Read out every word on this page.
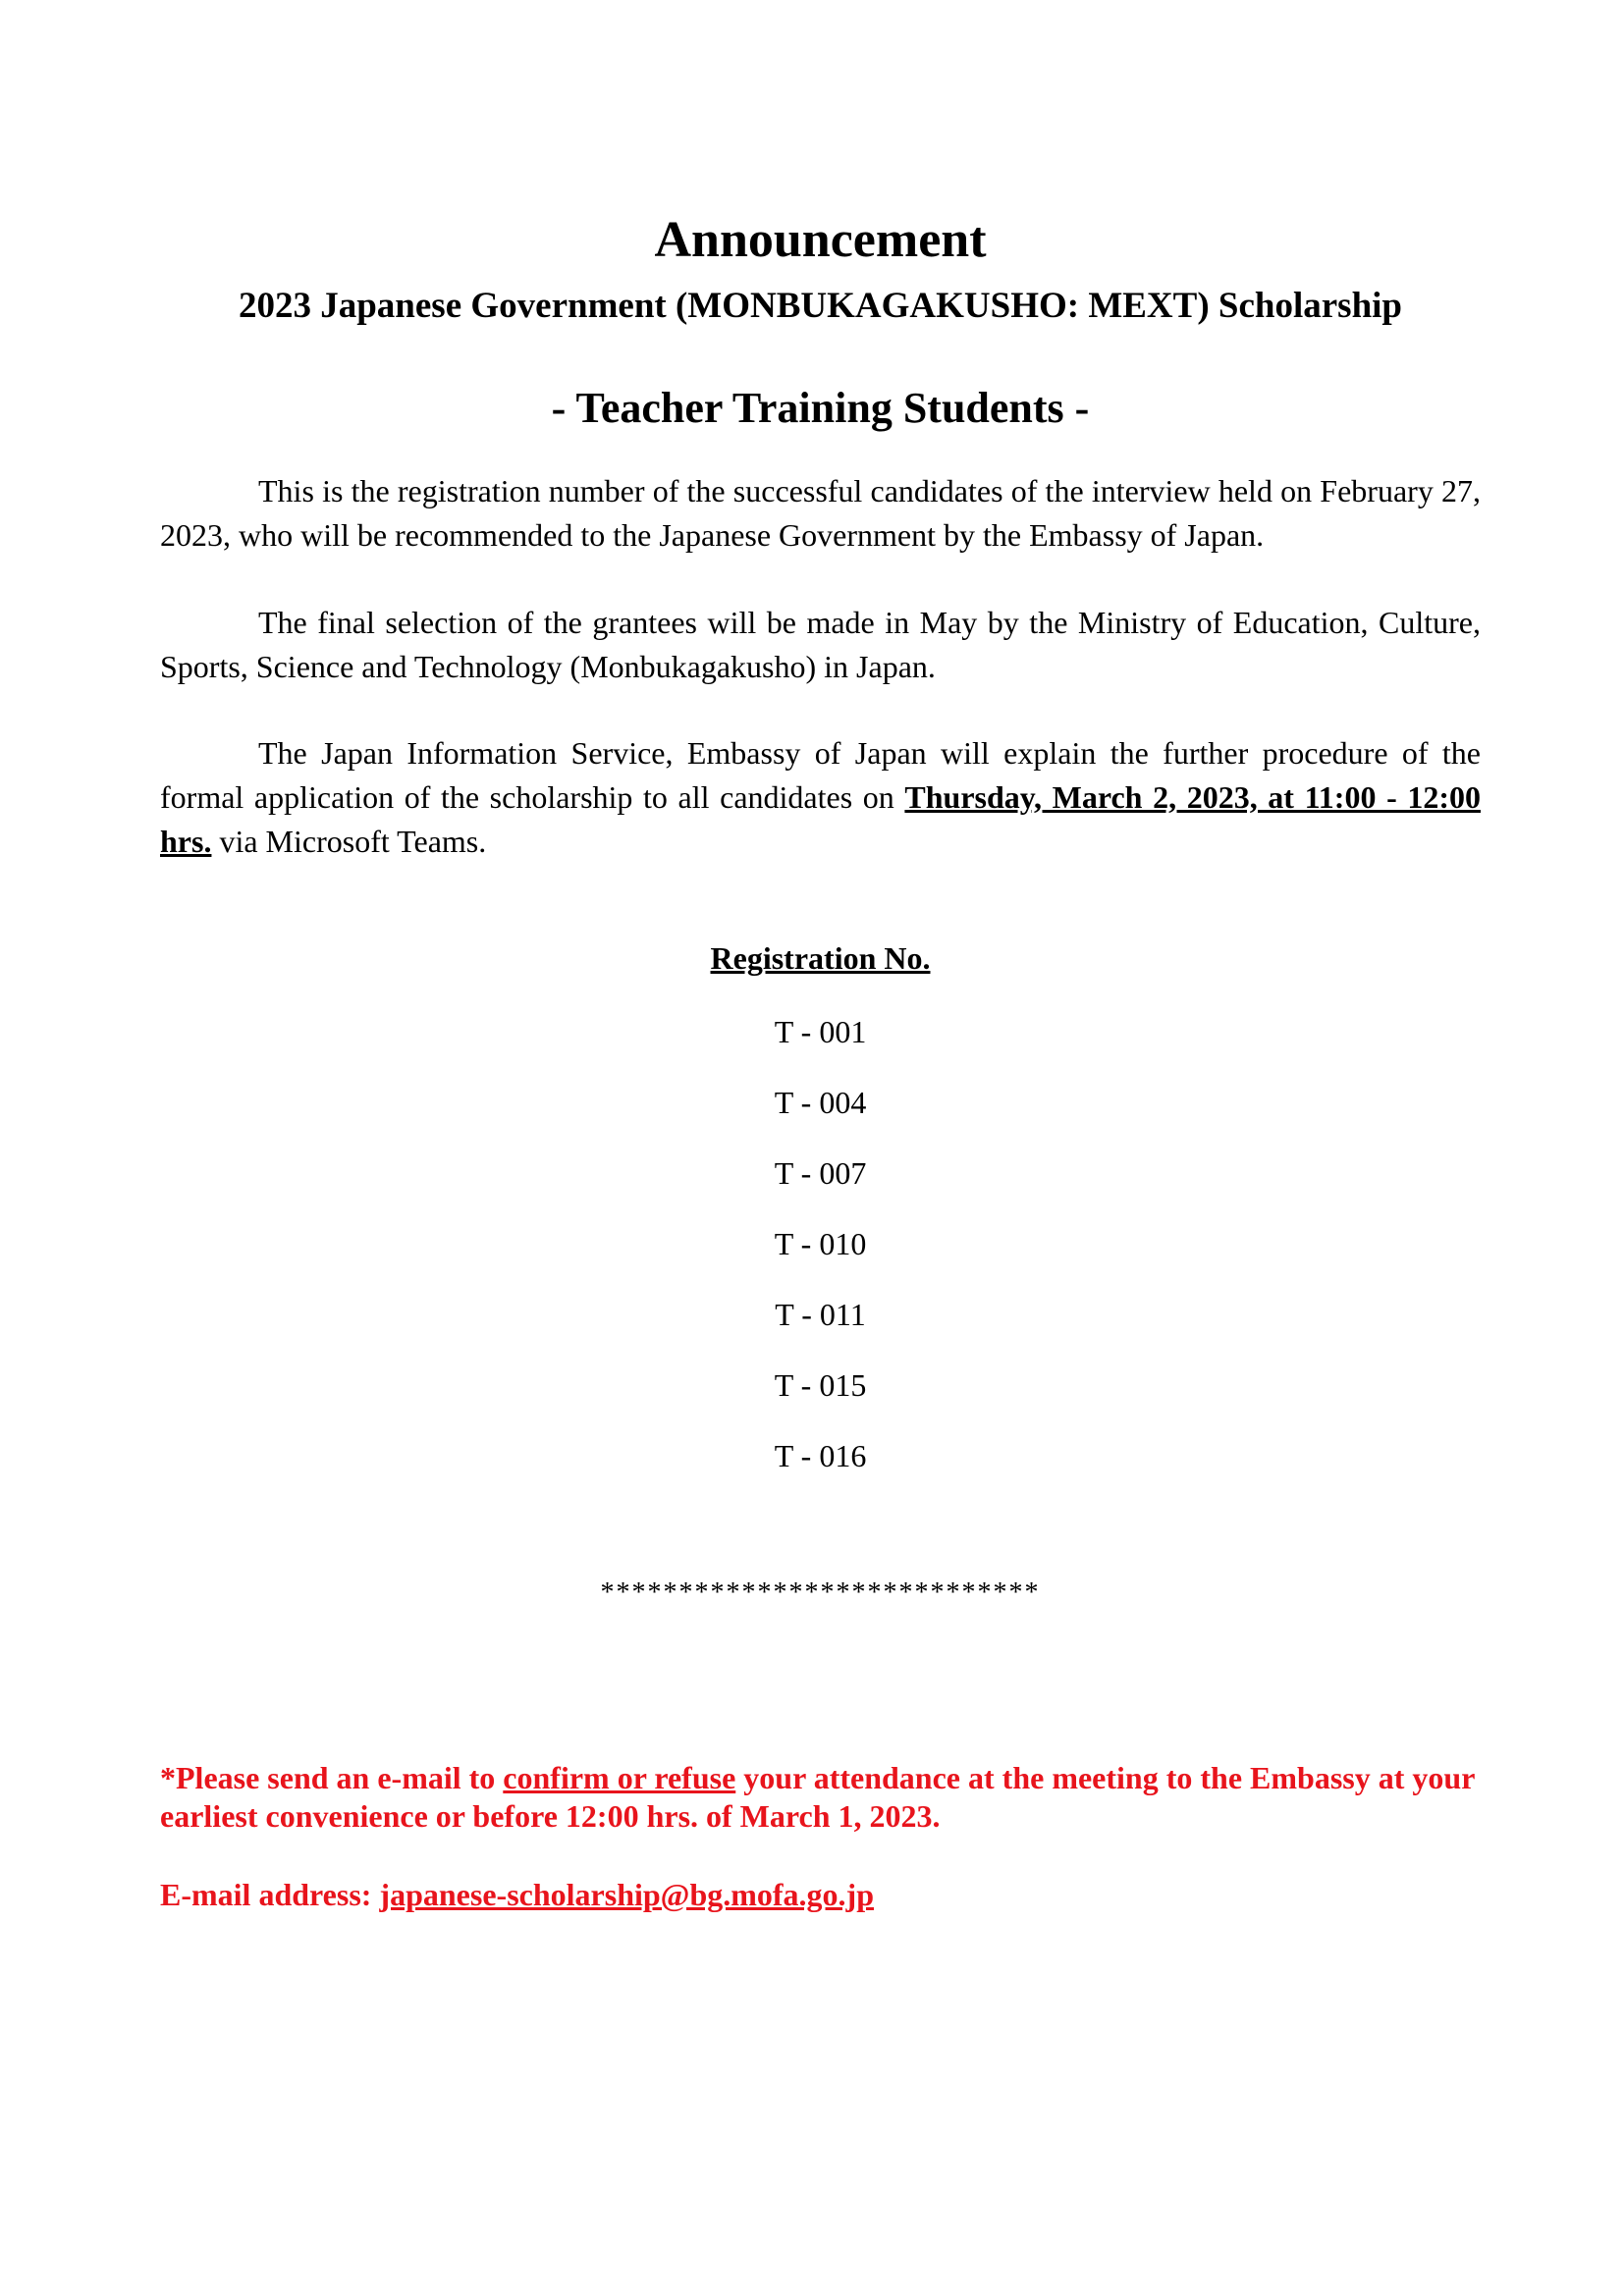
Announcement
2023 Japanese Government (MONBUKAGAKUSHO: MEXT) Scholarship
- Teacher Training Students -
This is the registration number of the successful candidates of the interview held on February 27, 2023, who will be recommended to the Japanese Government by the Embassy of Japan.
The final selection of the grantees will be made in May by the Ministry of Education, Culture, Sports, Science and Technology (Monbukagakusho) in Japan.
The Japan Information Service, Embassy of Japan will explain the further procedure of the formal application of the scholarship to all candidates on Thursday, March 2, 2023, at 11:00 - 12:00 hrs. via Microsoft Teams.
Registration No.
T - 001
T - 004
T - 007
T - 010
T - 011
T - 015
T - 016
****************************
*Please send an e-mail to confirm or refuse your attendance at the meeting to the Embassy at your earliest convenience or before 12:00 hrs. of March 1, 2023.
E-mail address: japanese-scholarship@bg.mofa.go.jp
